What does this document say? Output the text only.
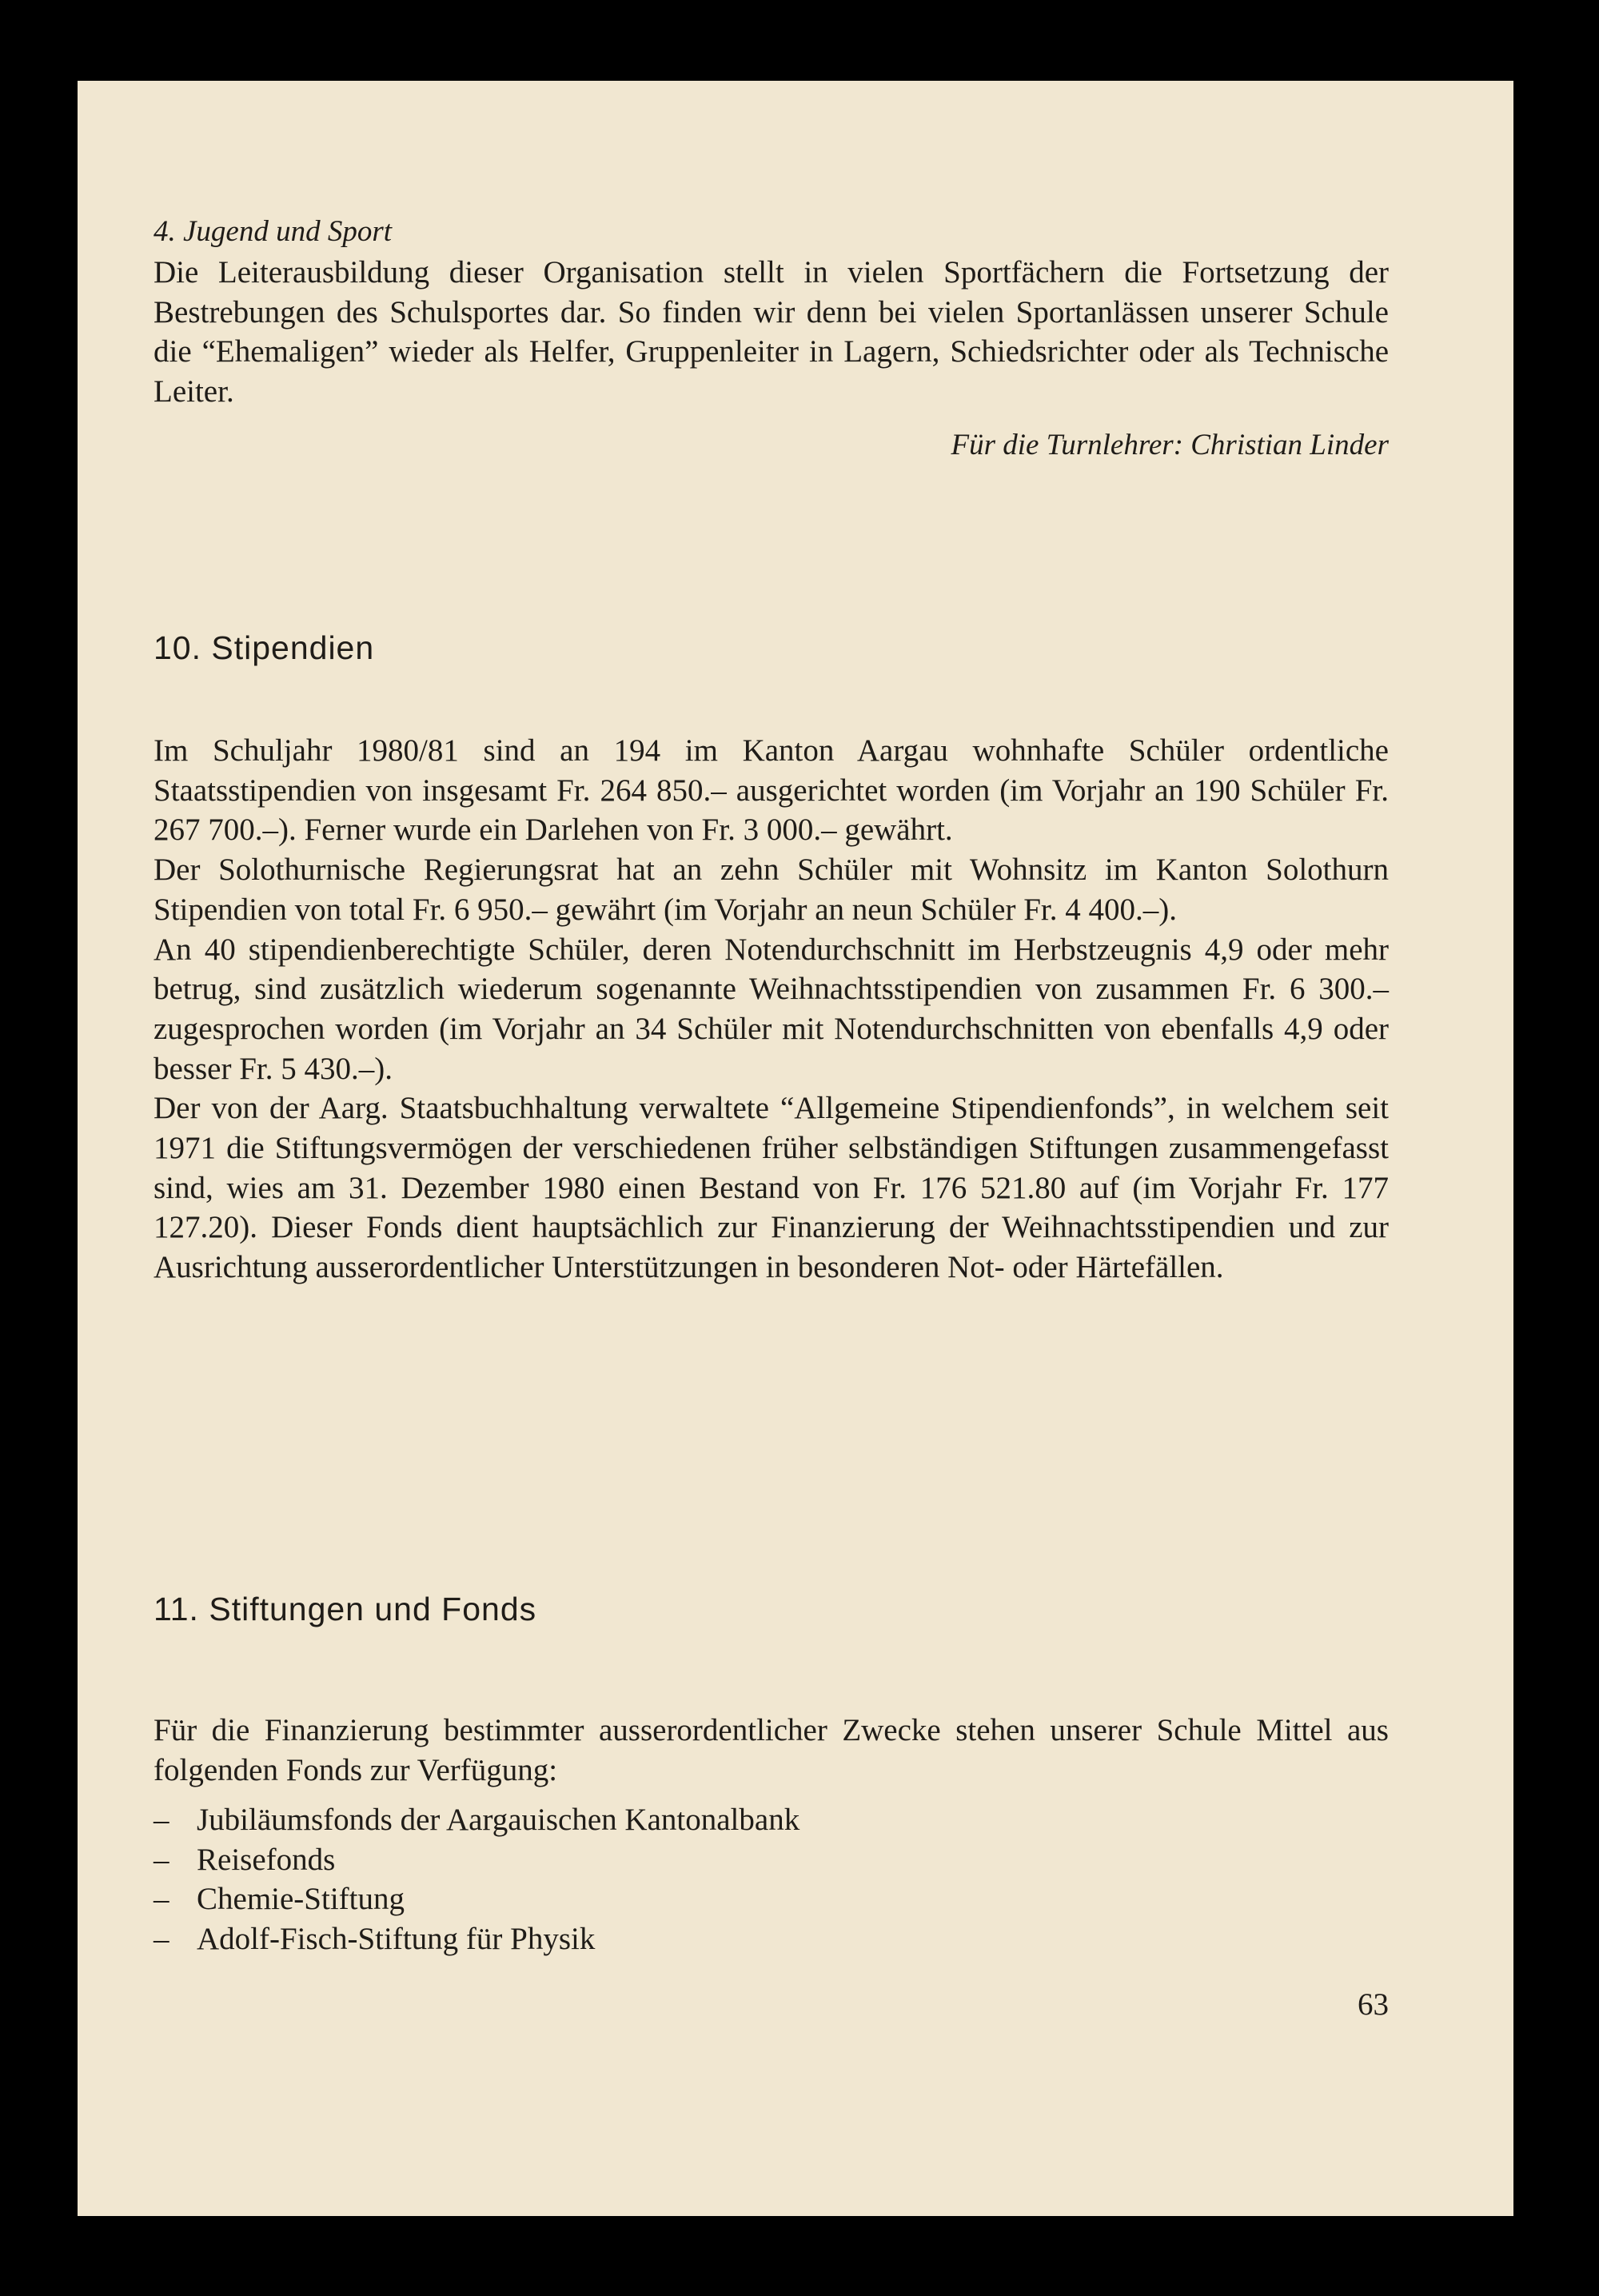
4. Jugend und Sport

Die Leiterausbildung dieser Organisation stellt in vielen Sportfächern die Fortsetzung der Bestrebungen des Schulsportes dar. So finden wir denn bei vielen Sportanlässen unserer Schule die “Ehemaligen” wieder als Helfer, Gruppenleiter in Lagern, Schiedsrichter oder als Technische Leiter.

Für die Turnlehrer: Christian Linder

10. Stipendien

Im Schuljahr 1980/81 sind an 194 im Kanton Aargau wohnhafte Schüler ordentliche Staatsstipendien von insgesamt Fr. 264 850.– ausgerichtet worden (im Vorjahr an 190 Schüler Fr. 267 700.–). Ferner wurde ein Darlehen von Fr. 3 000.– gewährt.

Der Solothurnische Regierungsrat hat an zehn Schüler mit Wohnsitz im Kanton Solothurn Stipendien von total Fr. 6 950.– gewährt (im Vorjahr an neun Schüler Fr. 4 400.–).

An 40 stipendienberechtigte Schüler, deren Notendurchschnitt im Herbstzeugnis 4,9 oder mehr betrug, sind zusätzlich wiederum sogenannte Weihnachtsstipendien von zusammen Fr. 6 300.– zugesprochen worden (im Vorjahr an 34 Schüler mit Notendurchschnitten von ebenfalls 4,9 oder besser Fr. 5 430.–).

Der von der Aarg. Staatsbuchhaltung verwaltete “Allgemeine Stipendienfonds”, in welchem seit 1971 die Stiftungsvermögen der verschiedenen früher selbständigen Stiftungen zusammengefasst sind, wies am 31. Dezember 1980 einen Bestand von Fr. 176 521.80 auf (im Vorjahr Fr. 177 127.20). Dieser Fonds dient hauptsächlich zur Finanzierung der Weihnachtsstipendien und zur Ausrichtung ausserordentlicher Unterstützungen in besonderen Not- oder Härtefällen.

11. Stiftungen und Fonds

Für die Finanzierung bestimmter ausserordentlicher Zwecke stehen unserer Schule Mittel aus folgenden Fonds zur Verfügung:

– Jubiläumsfonds der Aargauischen Kantonalbank
– Reisefonds
– Chemie-Stiftung
– Adolf-Fisch-Stiftung für Physik

63
